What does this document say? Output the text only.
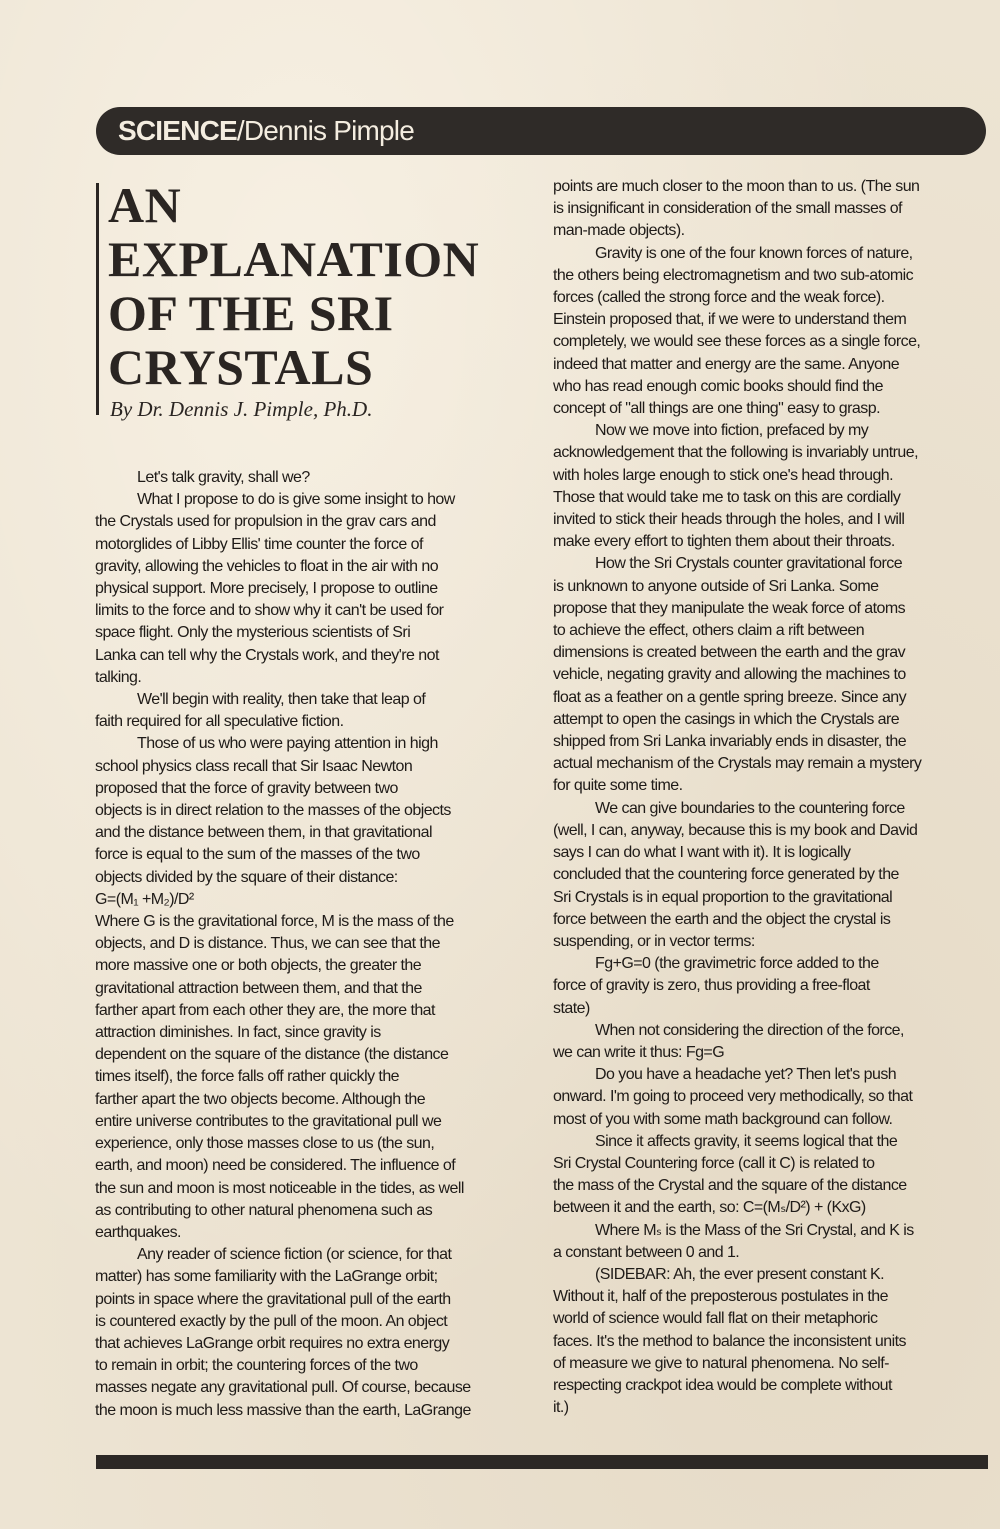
SCIENCE/Dennis Pimple
AN
EXPLANATION
OF THE SRI
CRYSTALS
By Dr. Dennis J. Pimple, Ph.D.

Let's talk gravity, shall we?

What I propose to do is give some insight to how

the Crystals used for propulsion in the grav cars and

motorglides of Libby Ellis' time counter the force of

gravity, allowing the vehicles to float in the air with no

physical support. More precisely, I propose to outline

limits to the force and to show why it can't be used for

space flight. Only the mysterious scientists of Sri

Lanka can tell why the Crystals work, and they're not

talking.

We'll begin with reality, then take that leap of

faith required for all speculative fiction.

Those of us who were paying attention in high

school physics class recall that Sir Isaac Newton

proposed that the force of gravity between two

objects is in direct relation to the masses of the objects

and the distance between them, in that gravitational

force is equal to the sum of the masses of the two

objects divided by the square of their distance:

G=(M₁ +M₂)/D²

Where G is the gravitational force, M is the mass of the

objects, and D is distance. Thus, we can see that the

more massive one or both objects, the greater the

gravitational attraction between them, and that the

farther apart from each other they are, the more that

attraction diminishes. In fact, since gravity is

dependent on the square of the distance (the distance

times itself), the force falls off rather quickly the

farther apart the two objects become. Although the

entire universe contributes to the gravitational pull we

experience, only those masses close to us (the sun,

earth, and moon) need be considered. The influence of

the sun and moon is most noticeable in the tides, as well

as contributing to other natural phenomena such as

earthquakes.

Any reader of science fiction (or science, for that

matter) has some familiarity with the LaGrange orbit;

points in space where the gravitational pull of the earth

is countered exactly by the pull of the moon. An object

that achieves LaGrange orbit requires no extra energy

to remain in orbit; the countering forces of the two

masses negate any gravitational pull. Of course, because

the moon is much less massive than the earth, LaGrange

points are much closer to the moon than to us. (The sun

is insignificant in consideration of the small masses of

man-made objects).

Gravity is one of the four known forces of nature,

the others being electromagnetism and two sub-atomic

forces (called the strong force and the weak force).

Einstein proposed that, if we were to understand them

completely, we would see these forces as a single force,

indeed that matter and energy are the same. Anyone

who has read enough comic books should find the

concept of "all things are one thing" easy to grasp.

Now we move into fiction, prefaced by my

acknowledgement that the following is invariably untrue,

with holes large enough to stick one's head through.

Those that would take me to task on this are cordially

invited to stick their heads through the holes, and I will

make every effort to tighten them about their throats.

How the Sri Crystals counter gravitational force

is unknown to anyone outside of Sri Lanka. Some

propose that they manipulate the weak force of atoms

to achieve the effect, others claim a rift between

dimensions is created between the earth and the grav

vehicle, negating gravity and allowing the machines to

float as a feather on a gentle spring breeze. Since any

attempt to open the casings in which the Crystals are

shipped from Sri Lanka invariably ends in disaster, the

actual mechanism of the Crystals may remain a mystery

for quite some time.

We can give boundaries to the countering force

(well, I can, anyway, because this is my book and David

says I can do what I want with it). It is logically

concluded that the countering force generated by the

Sri Crystals is in equal proportion to the gravitational

force between the earth and the object the crystal is

suspending, or in vector terms:

Fg+G=0 (the gravimetric force added to the

force of gravity is zero, thus providing a free-float

state)

When not considering the direction of the force,

we can write it thus: Fg=G

Do you have a headache yet? Then let's push

onward. I'm going to proceed very methodically, so that

most of you with some math background can follow.

Since it affects gravity, it seems logical that the

Sri Crystal Countering force (call it C) is related to

the mass of the Crystal and the square of the distance

between it and the earth, so: C=(Mₛ/D²) + (KxG)

Where Mₛ is the Mass of the Sri Crystal, and K is

a constant between 0 and 1.

(SIDEBAR: Ah, the ever present constant K.

Without it, half of the preposterous postulates in the

world of science would fall flat on their metaphoric

faces. It's the method to balance the inconsistent units

of measure we give to natural phenomena. No self-

respecting crackpot idea would be complete without

it.)
